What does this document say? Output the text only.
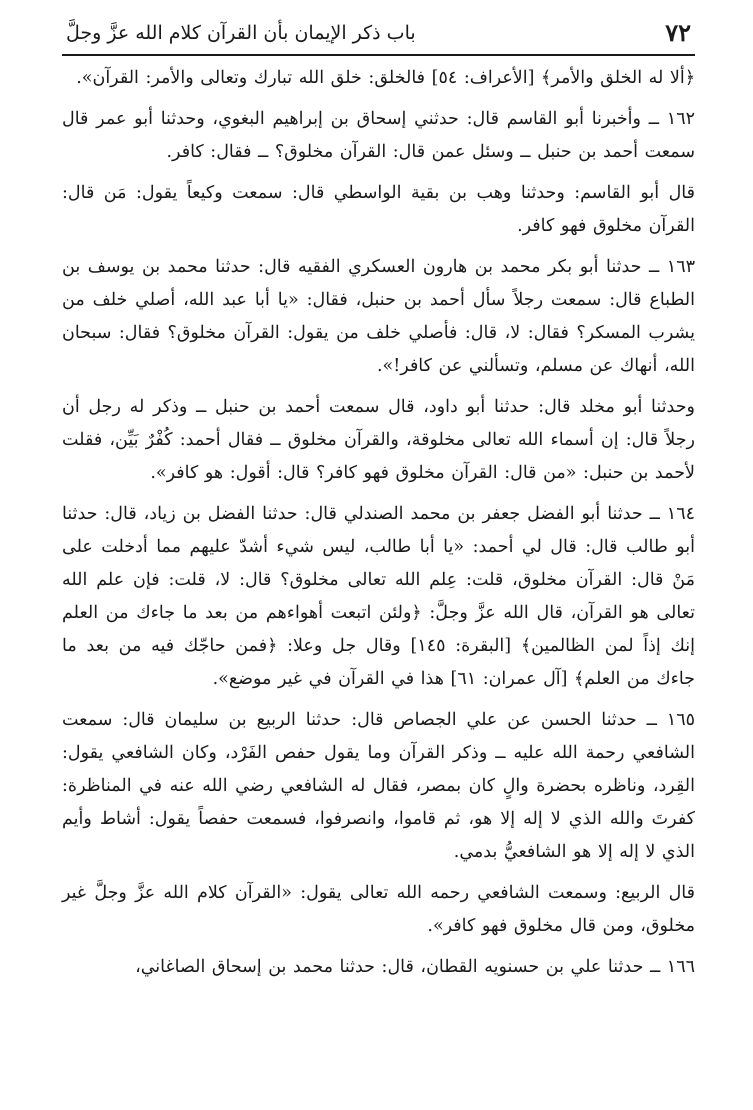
٧٢
باب ذكر الإيمان بأن القرآن كلام الله عزَّ وجلَّ

﴿ألا له الخلق والأمر﴾ [الأعراف: ٥٤] فالخلق: خلق الله تبارك وتعالى والأمر: القرآن».

١٦٢ ــ وأخبرنا أبو القاسم قال: حدثني إسحاق بن إبراهيم البغوي، وحدثنا أبو عمر قال سمعت أحمد بن حنبل ــ وسئل عمن قال: القرآن مخلوق؟ ــ فقال: كافر.

قال أبو القاسم: وحدثنا وهب بن بقية الواسطي قال: سمعت وكيعاً يقول: مَن قال: القرآن مخلوق فهو كافر.

١٦٣ ــ حدثنا أبو بكر محمد بن هارون العسكري الفقيه قال: حدثنا محمد بن يوسف بن الطباع قال: سمعت رجلاً سأل أحمد بن حنبل، فقال: «يا أبا عبد الله، أصلي خلف من يشرب المسكر؟ فقال: لا، قال: فأصلي خلف من يقول: القرآن مخلوق؟ فقال: سبحان الله، أنهاك عن مسلم، وتسألني عن كافر!».

وحدثنا أبو مخلد قال: حدثنا أبو داود، قال سمعت أحمد بن حنبل ــ وذكر له رجل أن رجلاً قال: إن أسماء الله تعالى مخلوقة، والقرآن مخلوق ــ فقال أحمد: كُفْرٌ بَيِّن، فقلت لأحمد بن حنبل: «من قال: القرآن مخلوق فهو كافر؟ قال: أقول: هو كافر».

١٦٤ ــ حدثنا أبو الفضل جعفر بن محمد الصندلي قال: حدثنا الفضل بن زياد، قال: حدثنا أبو طالب قال: قال لي أحمد: «يا أبا طالب، ليس شيء أشدّ عليهم مما أدخلت على مَنْ قال: القرآن مخلوق، قلت: عِلم الله تعالى مخلوق؟ قال: لا، قلت: فإن علم الله تعالى هو القرآن، قال الله عزَّ وجلَّ: ﴿ولئن اتبعت أهواءهم من بعد ما جاءك من العلم إنك إذاً لمن الظالمين﴾ [البقرة: ١٤٥] وقال جل وعلا: ﴿فمن حاجّك فيه من بعد ما جاءك من العلم﴾ [آل عمران: ٦١] هذا في القرآن في غير موضع».

١٦٥ ــ حدثنا الحسن عن علي الجصاص قال: حدثنا الربيع بن سليمان قال: سمعت الشافعي رحمة الله عليه ــ وذكر القرآن وما يقول حفص الفَرْد، وكان الشافعي يقول: القِرد، وناظره بحضرة والٍ كان بمصر، فقال له الشافعي رضي الله عنه في المناظرة: كفرتَ والله الذي لا إله إلا هو، ثم قاموا، وانصرفوا، فسمعت حفصاً يقول: أشاط وأيم الذي لا إله إلا هو الشافعيُّ بدمي.

قال الربيع: وسمعت الشافعي رحمه الله تعالى يقول: «القرآن كلام الله عزَّ وجلَّ غير مخلوق، ومن قال مخلوق فهو كافر».

١٦٦ ــ حدثنا علي بن حسنويه القطان، قال: حدثنا محمد بن إسحاق الصاغاني،
